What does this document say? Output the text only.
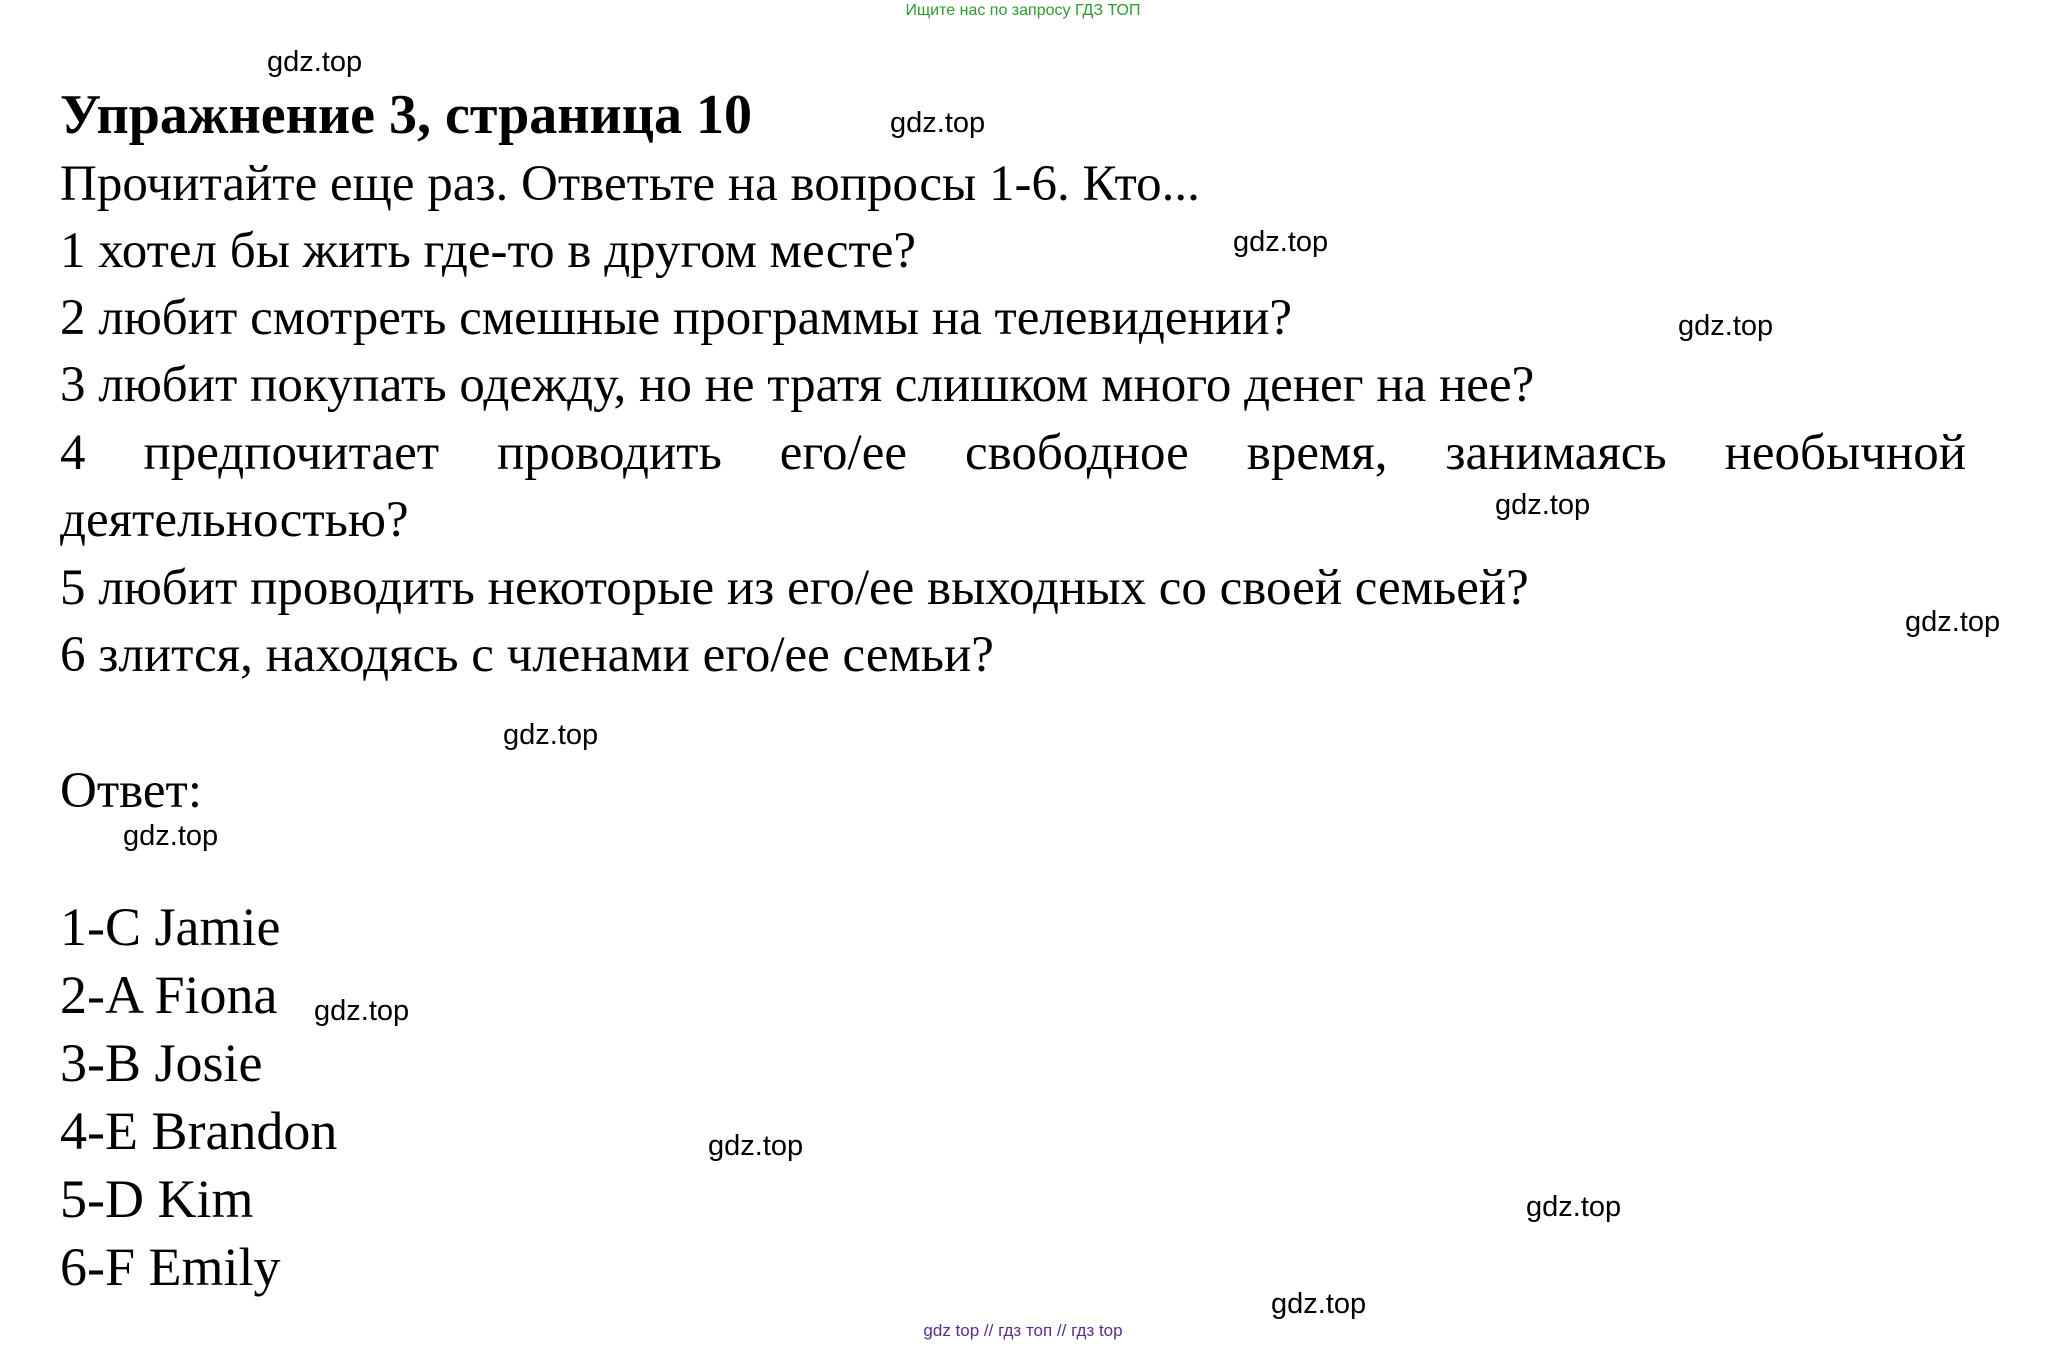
Ищите нас по запросу ГДЗ ТОП
gdz.top
Упражнение 3, страница 10	gdz.top
Прочитайте еще раз. Ответьте на вопросы 1-6. Кто...
1 хотел бы жить где-то в другом месте?	gdz.top
2 любит смотреть смешные программы на телевидении?	gdz.top
3 любит покупать одежду, но не тратя слишком много денег на нее?
4 предпочитает проводить его/ее свободное время, занимаясь необычной
деятельностью?	gdz.top
5 любит проводить некоторые из его/ее выходных со своей семьей?
gdz.top
6 злится, находясь с членами его/ее семьи?
gdz.top
Ответ:
gdz.top
1-C Jamie
2-A Fiona gdz.top
3-B Josie
4-E Brandon	gdz.top
5-D Kim	gdz.top
6-F Emily
gdz.top
gdz top // гдз топ // гдз top
